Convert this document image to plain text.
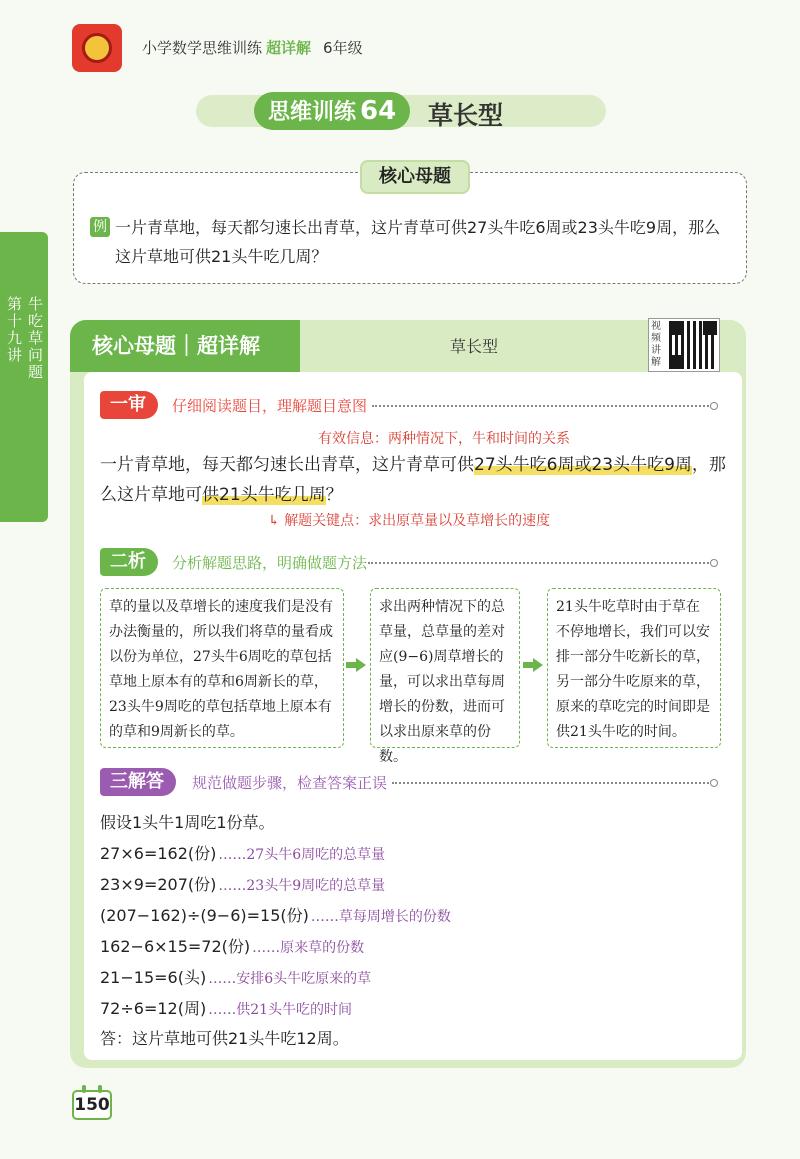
第十九讲 牛吃草问题
小学数学思维训练 超详解 6年级
思维训练 64	草长型
核心母题
例 一片青草地，每天都匀速长出青草，这片青草可供27头牛吃6周或23头牛吃9周，那么这片草地可供21头牛吃几周？
核心母题｜超详解	草长型
视频讲解
一审	仔细阅读题目，理解题目意图
有效信息：两种情况下，牛和时间的关系
一片青草地，每天都匀速长出青草，这片青草可供27头牛吃6周或23头牛吃9周，那么这片草地可供21头牛吃几周？
↳ 解题关键点：求出原草量以及草增长的速度
二析	分析解题思路，明确做题方法
草的量以及草增长的速度我们是没有办法衡量的，所以我们将草的量看成以份为单位，27头牛6周吃的草包括草地上原本有的草和6周新长的草，23头牛9周吃的草包括草地上原本有的草和9周新长的草。
求出两种情况下的总草量，总草量的差对应(9−6)周草增长的量，可以求出草每周增长的份数，进而可以求出原来草的份数。
21头牛吃草时由于草在不停地增长，我们可以安排一部分牛吃新长的草，另一部分牛吃原来的草，原来的草吃完的时间即是供21头牛吃的时间。
三解答	规范做题步骤，检查答案正误
假设1头牛1周吃1份草。
27×6=162(份) ……27头牛6周吃的总草量
23×9=207(份) ……23头牛9周吃的总草量
(207−162)÷(9−6)=15(份) ……草每周增长的份数
162−6×15=72(份) ……原来草的份数
21−15=6(头) ……安排6头牛吃原来的草
72÷6=12(周) ……供21头牛吃的时间
答：这片草地可供21头牛吃12周。
150
